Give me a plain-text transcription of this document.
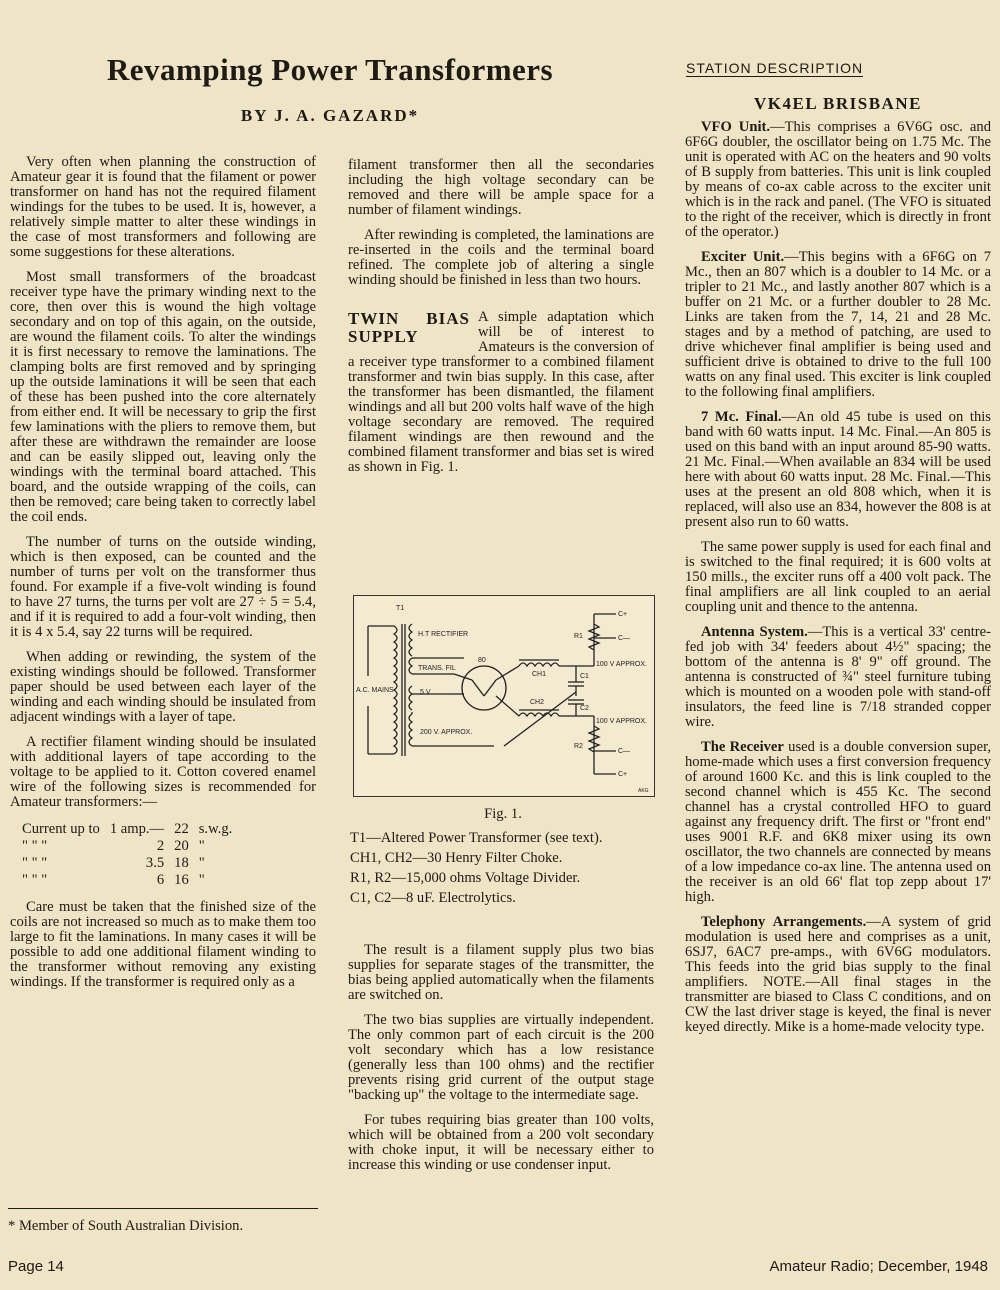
Revamping Power Transformers
BY J. A. GAZARD*

Very often when planning the construction of Amateur gear it is found that the filament or power transformer on hand has not the required filament windings for the tubes to be used. It is, however, a relatively simple matter to alter these windings in the case of most transformers and following are some suggestions for these alterations.

Most small transformers of the broadcast receiver type have the primary winding next to the core, then over this is wound the high voltage secondary and on top of this again, on the outside, are wound the filament coils. To alter the windings it is first necessary to remove the laminations. The clamping bolts are first removed and by springing up the outside laminations it will be seen that each of these has been pushed into the core alternately from either end. It will be necessary to grip the first few laminations with the pliers to remove them, but after these are withdrawn the remainder are loose and can be easily slipped out, leaving only the windings with the terminal board attached. This board, and the outside wrapping of the coils, can then be removed; care being taken to correctly label the coil ends.

The number of turns on the outside winding, which is then exposed, can be counted and the number of turns per volt on the transformer thus found. For example if a five-volt winding is found to have 27 turns, the turns per volt are 27 ÷ 5 = 5.4, and if it is required to add a four-volt winding, then it is 4 x 5.4, say 22 turns will be required.

When adding or rewinding, the system of the existing windings should be followed. Transformer paper should be used between each layer of the winding and each winding should be insulated from adjacent windings with a layer of tape.

A rectifier filament winding should be insulated with additional layers of tape according to the voltage to be applied to it. Cotton covered enamel wire of the following sizes is recommended for Amateur transformers:—

Current up to	1 amp.—	22	s.w.g.
" " "	2	20	"
" " "	3.5	18	"
" " "	6	16	"

Care must be taken that the finished size of the coils are not increased so much as to make them too large to fit the laminations. In many cases it will be possible to add one additional filament winding to the transformer without removing any existing windings. If the transformer is required only as a

* Member of South Australian Division.

filament transformer then all the secondaries including the high voltage secondary can be removed and there will be ample space for a number of filament windings.

After rewinding is completed, the laminations are re-inserted in the coils and the terminal board refined. The complete job of altering a single winding should be finished in less than two hours.

TWIN BIAS SUPPLY

A simple adaptation which will be of interest to Amateurs is the conversion of a receiver type transformer to a combined filament transformer and twin bias supply. In this case, after the transformer has been dismantled, the filament windings and all but 200 volts half wave of the high voltage secondary are removed. The required filament windings are then rewound and the combined filament transformer and bias set is wired as shown in Fig. 1.

T1
H.T RECTIFIER
TRANS. FIL
80
A.C. MAINS	5 V
200 V. APPROX.
CH1
CH2
C1
C2
R1
R2
C+
C—
C—
C+
100 V APPROX.
100 V APPROX.
AKG
Fig. 1.
T1—Altered Power Transformer (see text).
CH1, CH2—30 Henry Filter Choke.
R1, R2—15,000 ohms Voltage Divider.
C1, C2—8 uF. Electrolytics.

The result is a filament supply plus two bias supplies for separate stages of the transmitter, the bias being applied automatically when the filaments are switched on.

The two bias supplies are virtually independent. The only common part of each circuit is the 200 volt secondary which has a low resistance (generally less than 100 ohms) and the rectifier prevents rising grid current of the output stage "backing up" the voltage to the intermediate sage.

For tubes requiring bias greater than 100 volts, which will be obtained from a 200 volt secondary with choke input, it will be necessary either to increase this winding or use condenser input.

STATION DESCRIPTION
VK4EL BRISBANE

VFO Unit.—This comprises a 6V6G osc. and 6F6G doubler, the oscillator being on 1.75 Mc. The unit is operated with AC on the heaters and 90 volts of B supply from batteries. This unit is link coupled by means of co-ax cable across to the exciter unit which is in the rack and panel. (The VFO is situated to the right of the receiver, which is directly in front of the operator.)

Exciter Unit.—This begins with a 6F6G on 7 Mc., then an 807 which is a doubler to 14 Mc. or a tripler to 21 Mc., and lastly another 807 which is a buffer on 21 Mc. or a further doubler to 28 Mc. Links are taken from the 7, 14, 21 and 28 Mc. stages and by a method of patching, are used to drive whichever final amplifier is being used and sufficient drive is obtained to drive to the full 100 watts on any final used. This exciter is link coupled to the following final amplifiers.

7 Mc. Final.—An old 45 tube is used on this band with 60 watts input. 14 Mc. Final.—An 805 is used on this band with an input around 85-90 watts. 21 Mc. Final.—When available an 834 will be used here with about 60 watts input. 28 Mc. Final.—This uses at the present an old 808 which, when it is replaced, will also use an 834, however the 808 is at present also run to 60 watts.

The same power supply is used for each final and is switched to the final required; it is 600 volts at 150 mills., the exciter runs off a 400 volt pack. The final amplifiers are all link coupled to an aerial coupling unit and thence to the antenna.

Antenna System.—This is a vertical 33' centre-fed job with 34' feeders about 4½" spacing; the bottom of the antenna is 8' 9" off ground. The antenna is constructed of ¾" steel furniture tubing which is mounted on a wooden pole with stand-off insulators, the feed line is 7/18 stranded copper wire.

The Receiver used is a double conversion super, home-made which uses a first conversion frequency of around 1600 Kc. and this is link coupled to the second channel which is 455 Kc. The second channel has a crystal controlled HFO to guard against any frequency drift. The first or "front end" uses 9001 R.F. and 6K8 mixer using its own oscillator, the two channels are connected by means of a low impedance co-ax line. The antenna used on the receiver is an old 66' flat top zepp about 17' high.

Telephony Arrangements.—A system of grid modulation is used here and comprises as a unit, 6SJ7, 6AC7 pre-amps., with 6V6G modulators. This feeds into the grid bias supply to the final amplifiers. NOTE.—All final stages in the transmitter are biased to Class C conditions, and on CW the last driver stage is keyed, the final is never keyed directly. Mike is a home-made velocity type.

Page 14	Amateur Radio; December, 1948
